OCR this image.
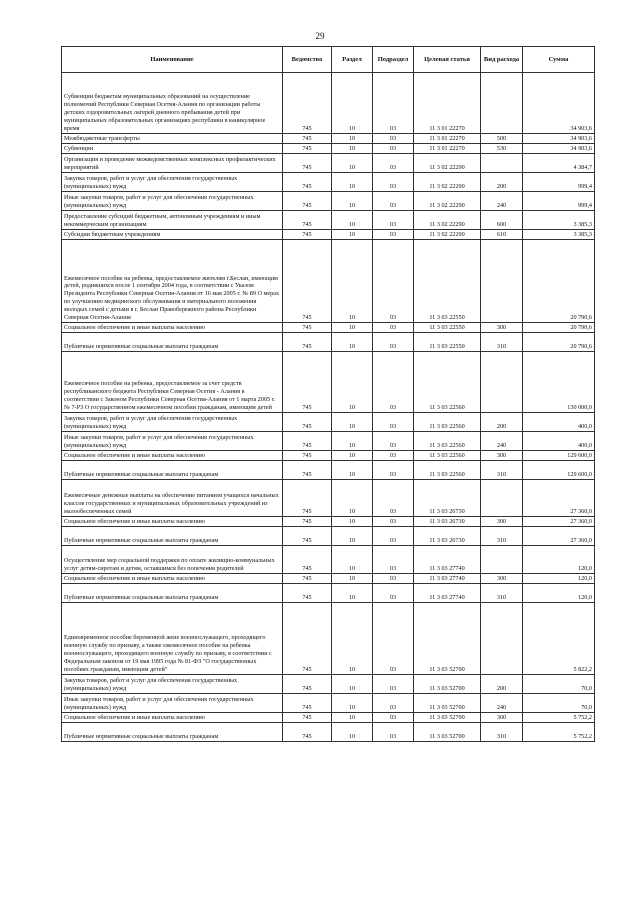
29
Наименование	Ведомство	Раздел	Подраздел	Целевая статья	Вид расхода	Сумма
Субвенции бюджетам муниципальных образований на осуществление полномочий Республики Северная Осетия-Алания по организации работы детских оздоровительных лагерей дневного пребывания детей при муниципальных образовательных организациях республики в каникулярное время	745	10	03	11 3 01 22270		34 903,6
Межбюджетные трансферты	745	10	03	11 3 01 22270	500	34 903,6
Субвенции	745	10	03	11 3 01 22270	530	34 903,6
Организация и проведение межведомственных комплексных профилактических мероприятий	745	10	03	11 3 02 22290		4 384,7
Закупка товаров, работ и услуг для обеспечения государственных (муниципальных) нужд	745	10	03	11 3 02 22290	200	999,4
Иные закупки товаров, работ и услуг для обеспечения государственных (муниципальных) нужд	745	10	03	11 3 02 22290	240	999,4
Предоставление субсидий бюджетным, автономным учреждениям и иным некоммерческим организациям	745	10	03	11 3 02 22290	600	3 385,3
Субсидии бюджетным учреждениям	745	10	03	11 3 02 22290	610	3 385,3
Ежемесячное пособие на ребенка, предоставляемое жителям г.Беслан, имеющим детей, родившихся после 1 сентября 2004 года, в соответствии с Указом Президента Республики Северная Осетия-Алания от 16 мая 2005 г. № 89 О мерах по улучшению медицинского обслуживания и материального положения молодых семей с детьми в г. Беслан Правобережного района Республики Северная Осетия-Алания	745	10	03	11 3 03 22550		20 790,6
Социальное обеспечение и иные выплаты населению	745	10	03	11 3 03 22550	300	20 790,6
Публичные нормативные социальные выплаты гражданам	745	10	03	11 3 03 22550	310	20 790,6
Ежемесячное пособие на ребенка, предоставляемое за счет средств республиканского бюджета Республики Северная Осетия - Алания в соответствии с Законом Республики Северная Осетия-Алания от 1 марта 2005 г. № 7-РЗ О государственном ежемесячном пособии гражданам, имеющим детей	745	10	03	11 3 03 22560		130 000,0
Закупка товаров, работ и услуг для обеспечения государственных (муниципальных) нужд	745	10	03	11 3 03 22560	200	400,0
Иные закупки товаров, работ и услуг для обеспечения государственных (муниципальных) нужд	745	10	03	11 3 03 22560	240	400,0
Социальное обеспечение и иные выплаты населению	745	10	03	11 3 03 22560	300	129 600,0
Публичные нормативные социальные выплаты гражданам	745	10	03	11 3 03 22560	310	129 600,0
Ежемесячные денежные выплаты на обеспечение питанием учащихся начальных классов государственных и муниципальных образовательных учреждений из малообеспеченных семей	745	10	03	11 3 03 26730		27 360,0
Социальное обеспечение и иные выплаты населению	745	10	03	11 3 03 26730	300	27 360,0
Публичные нормативные социальные выплаты гражданам	745	10	03	11 3 03 26730	310	27 360,0
Осуществление мер социальной поддержки по оплате жилищно-коммунальных услуг детям-сиротам и детям, оставшимся без попечения родителей	745	10	03	11 3 03 27740		120,0
Социальное обеспечение и иные выплаты населению	745	10	03	11 3 03 27740	300	120,0
Публичные нормативные социальные выплаты гражданам	745	10	03	11 3 03 27740	310	120,0
Единовременное пособие беременной жене военнослужащего, проходящего военную службу по призыву, а также ежемесячное пособие на ребенка военнослужащего, проходящего военную службу по призыву, в соответствии с Федеральным законом от 19 мая 1995 года № 81-ФЗ "О государственных пособиях гражданам, имеющим детей"	745	10	03	11 3 03 52700		5 822,2
Закупка товаров, работ и услуг для обеспечения государственных (муниципальных) нужд	745	10	03	11 3 03 52700	200	70,0
Иные закупки товаров, работ и услуг для обеспечения государственных (муниципальных) нужд	745	10	03	11 3 03 52700	240	70,0
Социальное обеспечение и иные выплаты населению	745	10	03	11 3 03 52700	300	5 752,2
Публичные нормативные социальные выплаты гражданам	745	10	03	11 3 03 52700	310	5 752,2
